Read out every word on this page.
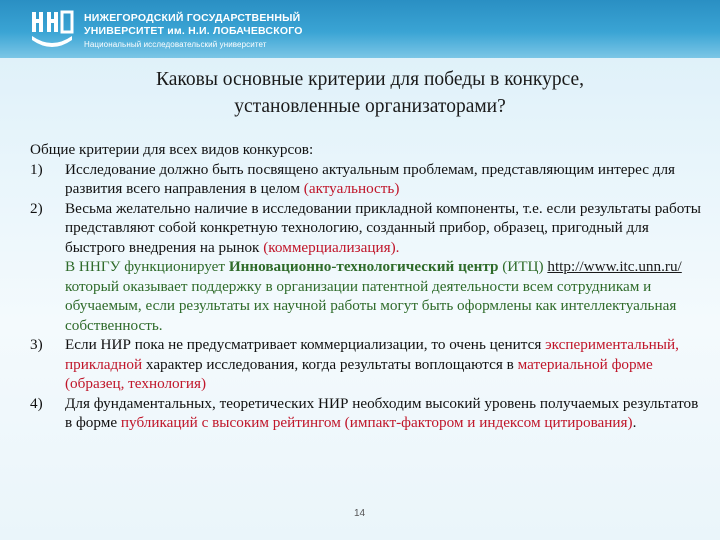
НИЖЕГОРОДСКИЙ ГОСУДАРСТВЕННЫЙ
УНИВЕРСИТЕТ им. Н.И. ЛОБАЧЕВСКОГО
Национальный исследовательский университет
Каковы основные критерии для победы в конкурсе,
установленные организаторами?
Общие критерии для всех видов конкурсов:
1) Исследование должно быть посвящено актуальным проблемам, представляющим интерес для развития всего направления в целом (актуальность)
2) Весьма желательно наличие в исследовании прикладной компоненты, т.е. если результаты работы представляют собой конкретную технологию, созданный прибор, образец, пригодный для быстрого внедрения на рынок (коммерциализация).
В ННГУ функционирует Инновационно-технологический центр (ИТЦ) http://www.itc.unn.ru/ который оказывает поддержку в организации патентной деятельности всем сотрудникам и обучаемым, если результаты их научной работы могут быть оформлены как интеллектуальная собственность.
3) Если НИР пока не предусматривает коммерциализации, то очень ценится экспериментальный, прикладной характер исследования, когда результаты воплощаются в материальной форме (образец, технология)
4) Для фундаментальных, теоретических НИР необходим высокий уровень получаемых результатов в форме публикаций с высоким рейтингом (импакт-фактором и индексом цитирования).
14
